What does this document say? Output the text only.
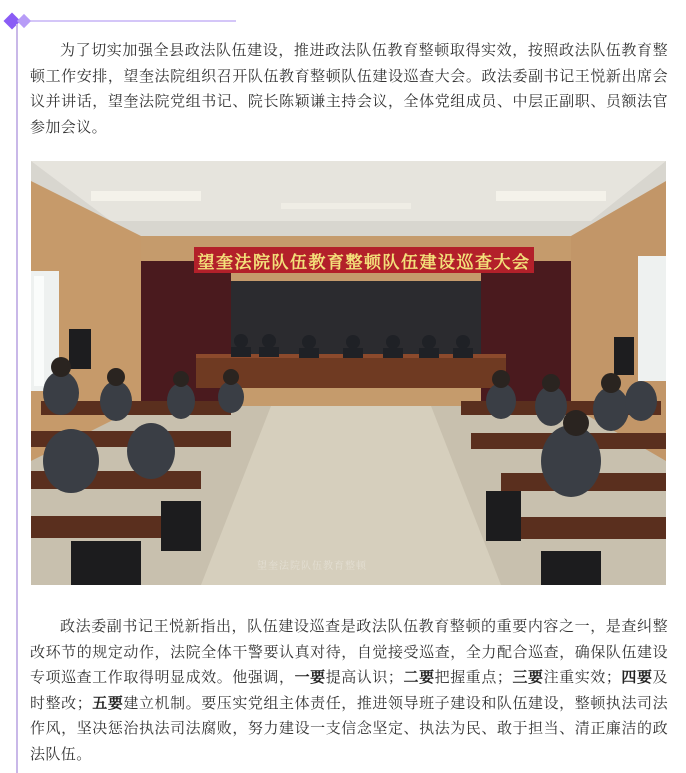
为了切实加强全县政法队伍建设，推进政法队伍教育整顿取得实效，按照政法队伍教育整顿工作安排，望奎法院组织召开队伍教育整顿队伍建设巡查大会。政法委副书记王悦新出席会议并讲话，望奎法院党组书记、院长陈颖谦主持会议，全体党组成员、中层正副职、员额法官参加会议。

望奎法院队伍教育整顿队伍建设巡查大会
望奎法院队伍教育整顿

政法委副书记王悦新指出，队伍建设巡查是政法队伍教育整顿的重要内容之一，是查纠整改环节的规定动作，法院全体干警要认真对待，自觉接受巡查，全力配合巡查，确保队伍建设专项巡查工作取得明显成效。他强调，一要提高认识；二要把握重点；三要注重实效；四要及时整改；五要建立机制。要压实党组主体责任，推进领导班子建设和队伍建设，整顿执法司法作风，坚决惩治执法司法腐败，努力建设一支信念坚定、执法为民、敢于担当、清正廉洁的政法队伍。
